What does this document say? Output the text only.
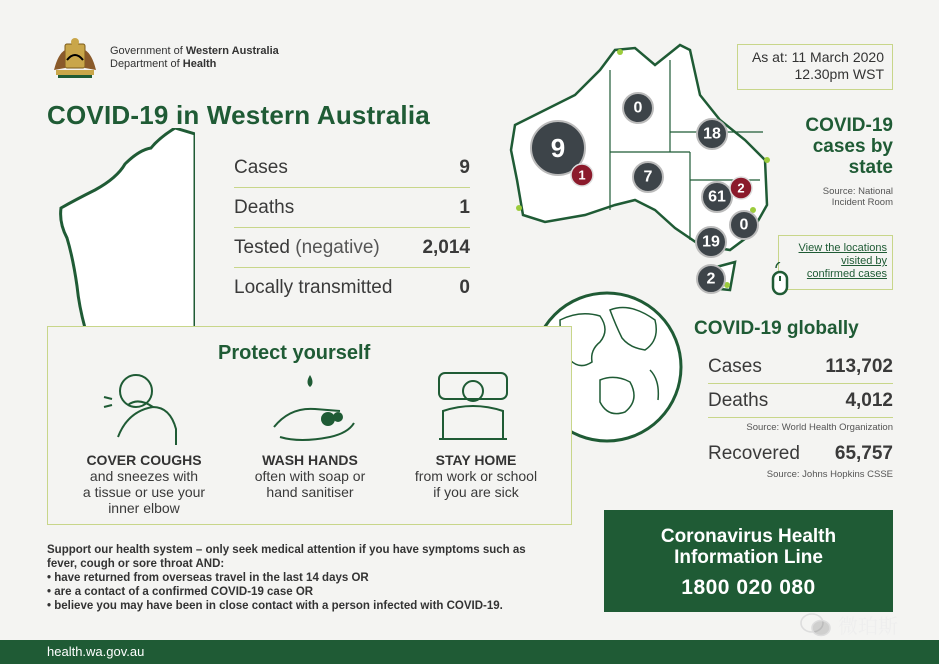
Government of Western Australia
Department of Health
COVID-19 in Western Australia
Cases	9
Deaths	1
Tested (negative) 2,014
Locally transmitted	0
As at: 11 March 2020
12.30pm WST
9
1
0
7
18
61
2
0
19
2
COVID-19
cases by
state
Source: National
Incident Room
View the locations
visited by
confirmed cases
COVID-19 globally
Cases	113,702
Deaths	4,012
Source: World Health Organization
Recovered 65,757
Source: Johns Hopkins CSSE
Protect yourself
COVER COUGHS
and sneezes with
a tissue or use your
inner elbow
WASH HANDS
often with soap or
hand sanitiser
STAY HOME
from work or school
if you are sick
Support our health system – only seek medical attention if you have symptoms such as
fever, cough or sore throat AND:
• have returned from overseas travel in the last 14 days OR
• are a contact of a confirmed COVID-19 case OR
• believe you may have been in close contact with a person infected with COVID-19.
Coronavirus Health
Information Line
1800 020 080
微珀斯
health.wa.gov.au
